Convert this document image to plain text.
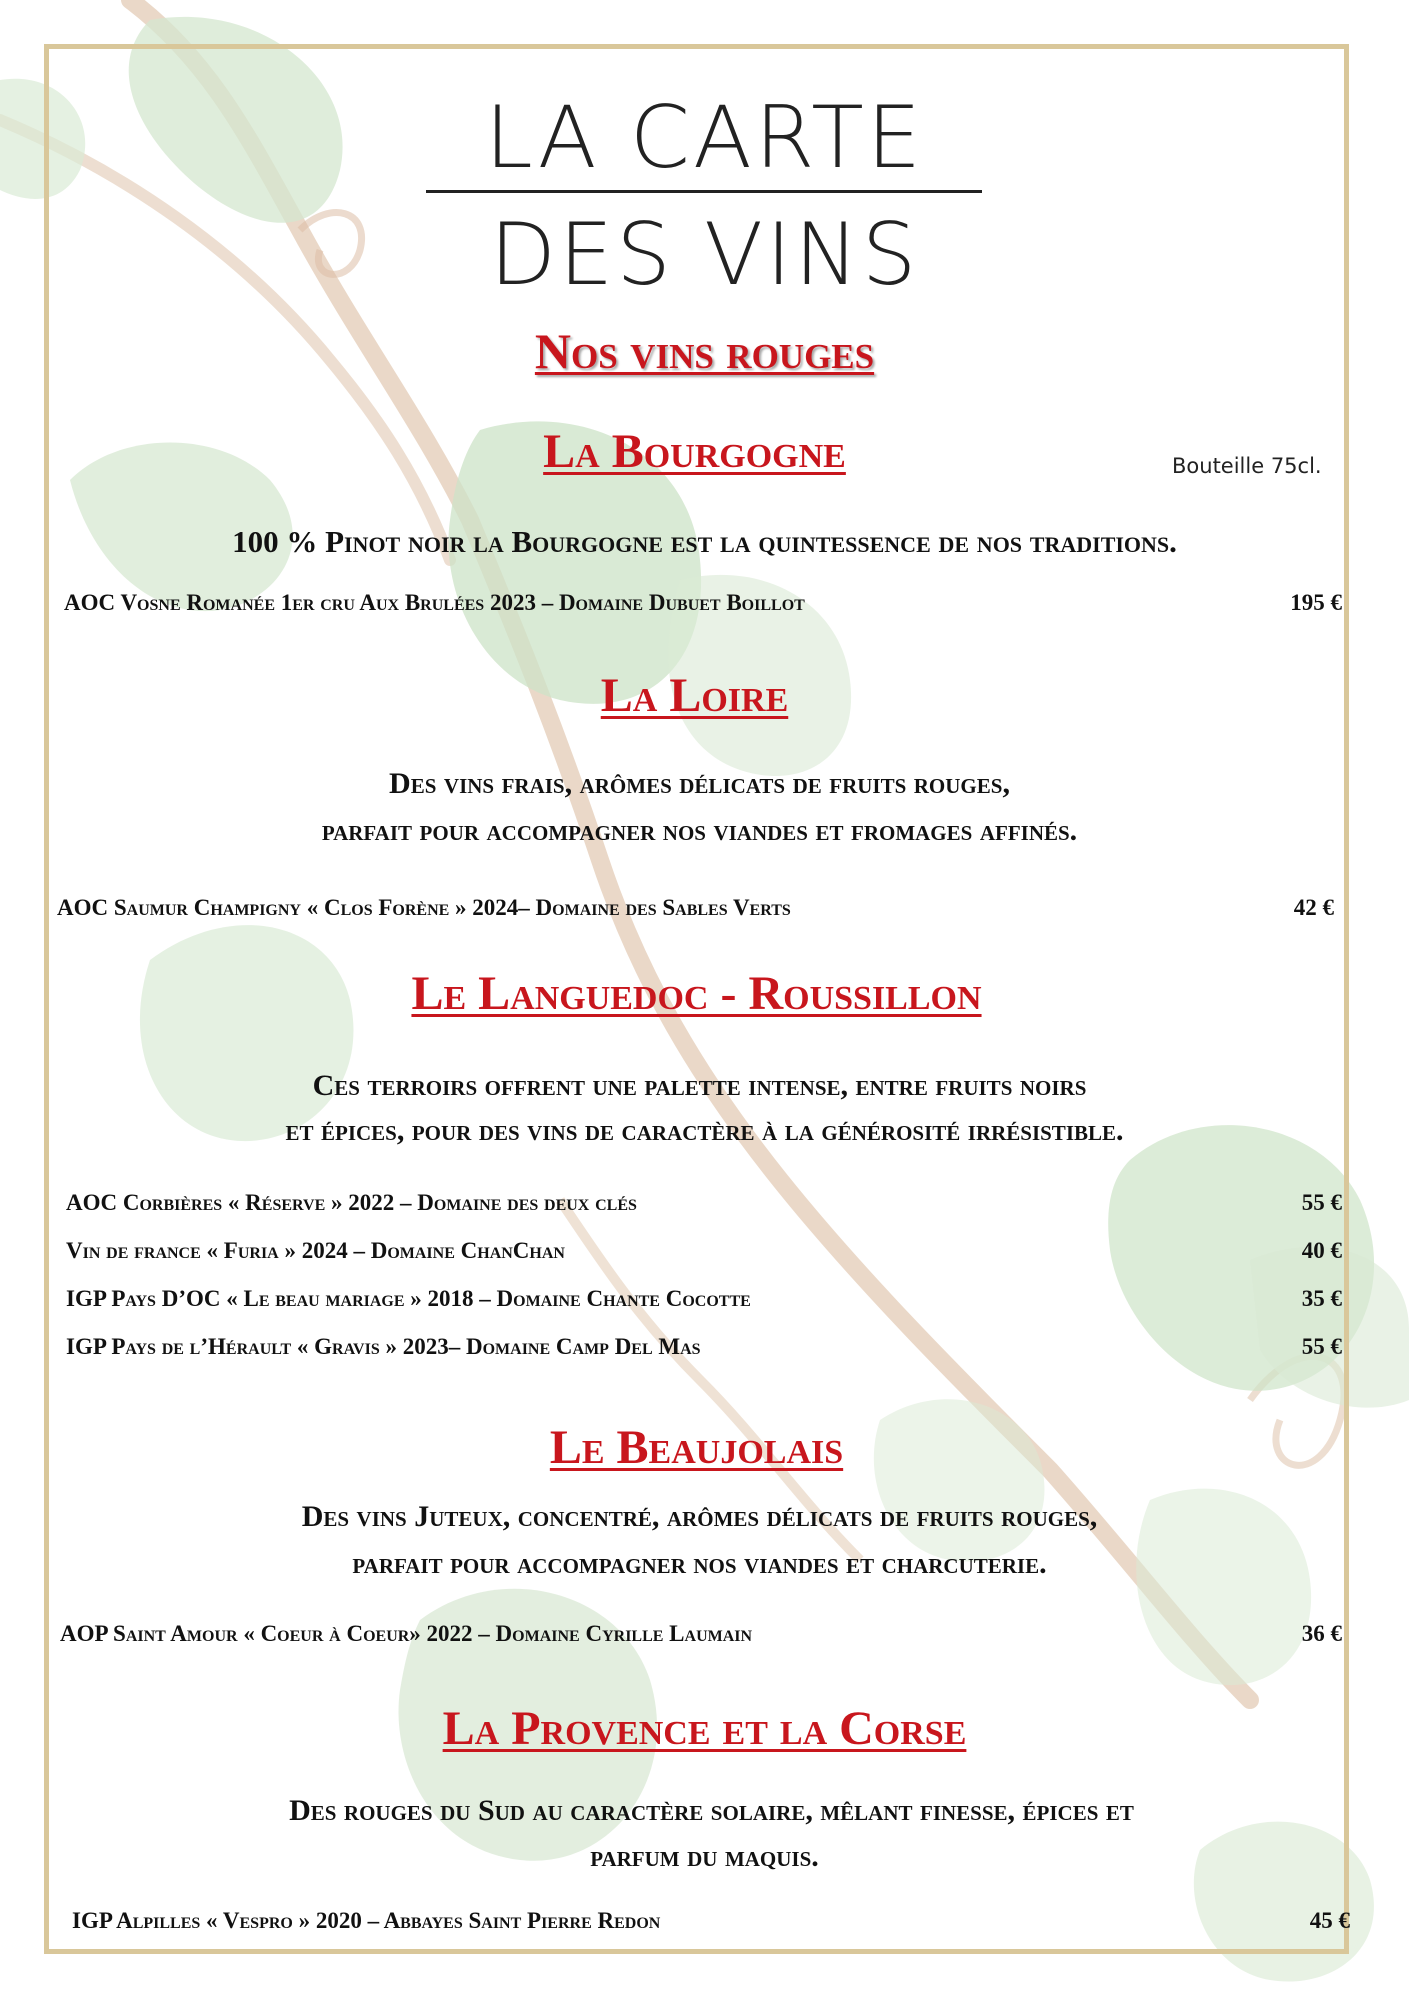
LA CARTE
DES VINS
Nos vins rouges
La Bourgogne	Bouteille 75cl.
100 % Pinot noir la Bourgogne est la quintessence de nos traditions.
AOC Vosne Romanée 1er cru Aux Brulées 2023 – Domaine Dubuet Boillot	195 €
La Loire
Des vins frais, arômes délicats de fruits rouges,
parfait pour accompagner nos viandes et fromages affinés.
AOC Saumur Champigny « Clos Forène » 2024– Domaine des Sables Verts	42 €
Le Languedoc - Roussillon
Ces terroirs offrent une palette intense, entre fruits noirs
et épices, pour des vins de caractère à la générosité irrésistible.
AOC Corbières « Réserve » 2022 – Domaine des deux clés	55 €
Vin de france « Furia » 2024 – Domaine ChanChan	40 €
IGP Pays D’OC « Le beau mariage » 2018 – Domaine Chante Cocotte	35 €
IGP Pays de l’Hérault « Gravis » 2023– Domaine Camp Del Mas	55 €
Le Beaujolais
Des vins Juteux, concentré, arômes délicats de fruits rouges,
parfait pour accompagner nos viandes et charcuterie.
AOP Saint Amour « Coeur à Coeur» 2022 – Domaine Cyrille Laumain	36 €
La Provence et la Corse
Des rouges du Sud au caractère solaire, mêlant finesse, épices et
parfum du maquis.
IGP Alpilles « Vespro » 2020 – Abbayes Saint Pierre Redon	45 €
